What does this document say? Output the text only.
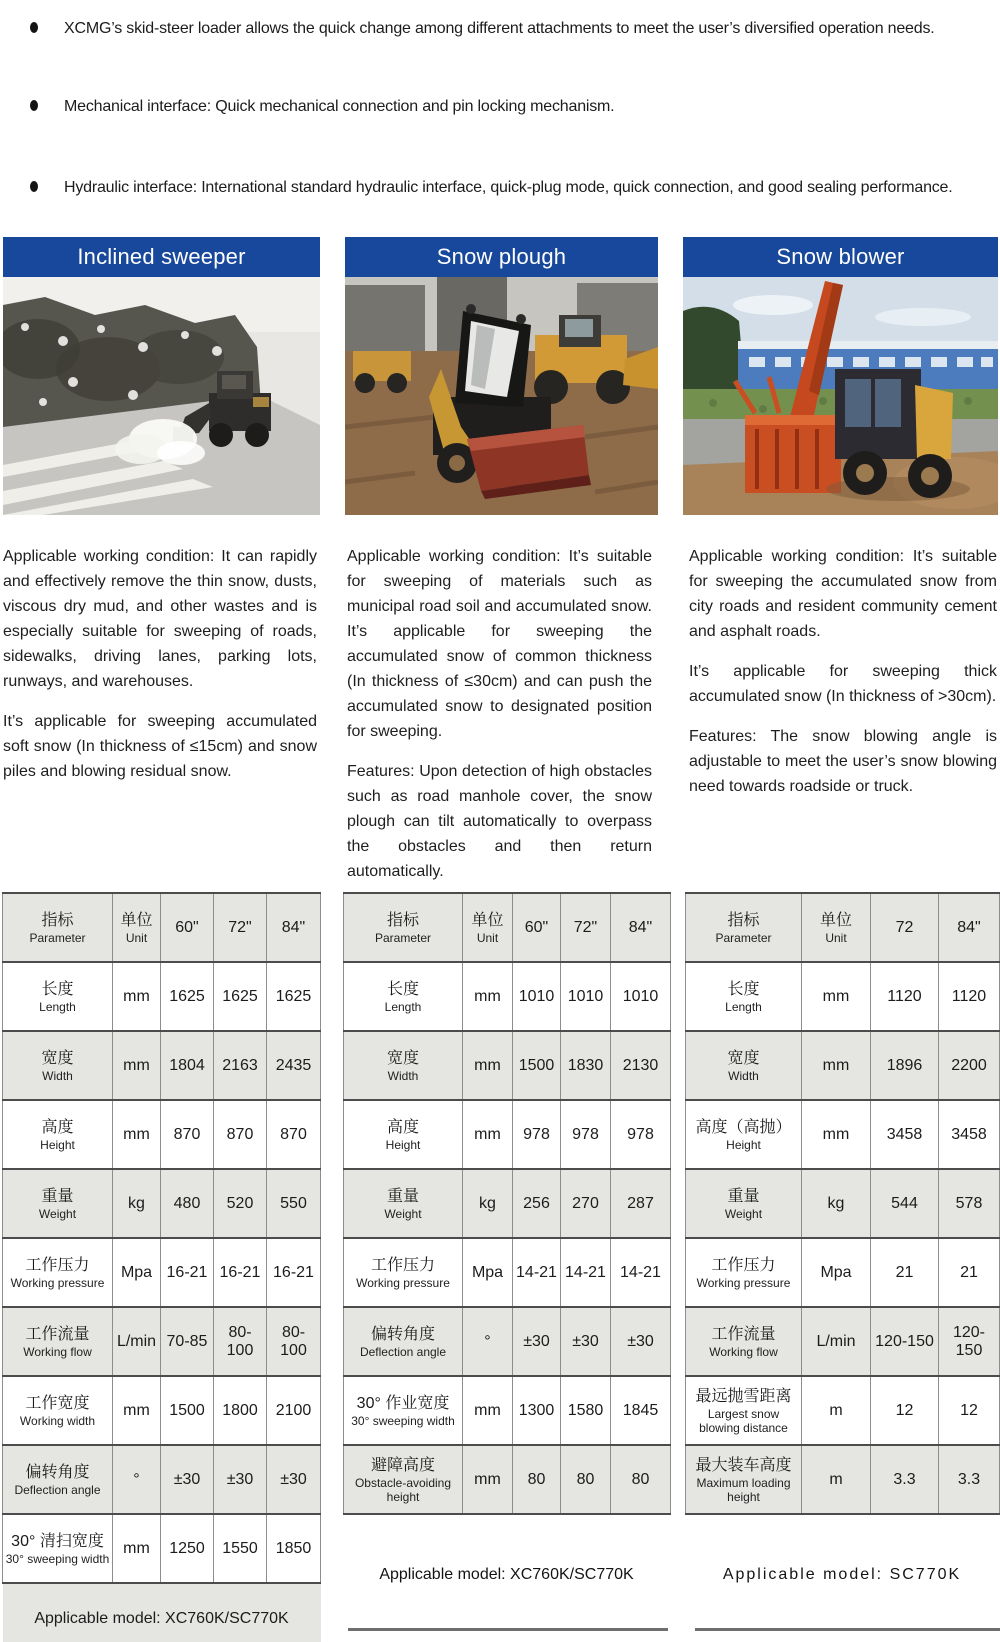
XCMG’s skid-steer loader allows the quick change among different attachments to meet the user’s diversified operation needs.
Mechanical interface: Quick mechanical connection and pin locking mechanism.
Hydraulic interface: International standard hydraulic interface, quick-plug mode, quick connection, and good sealing performance.
Inclined sweeper	Snow plough	Snow blower

Applicable working condition: It can rapidly and effectively remove the thin snow, dusts, viscous dry mud, and other wastes and is especially suitable for sweeping of roads, sidewalks, driving lanes, parking lots, runways, and warehouses.

It’s applicable for sweeping accumulated soft snow (In thickness of ≤15cm) and snow piles and blowing residual snow.

Applicable working condition: It’s suitable for sweeping of materials such as municipal road soil and accumulated snow. It’s applicable for sweeping the accumulated snow of common thickness (In thickness of ≤30cm) and can push the accumulated snow to designated position for sweeping.

Features: Upon detection of high obstacles such as road manhole cover, the snow plough can tilt automatically to overpass the obstacles and then return automatically.

Applicable working condition: It’s suitable for sweeping the accumulated snow from city roads and resident community cement and asphalt roads.

It’s applicable for sweeping thick accumulated snow (In thickness of >30cm).

Features: The snow blowing angle is adjustable to meet the user’s snow blowing need towards roadside or truck.

指标
Parameter

单位
Unit
	60"	72"	84"

长度
Length	mm	1625	1625	1625

宽度
Width	mm	1804	2163	2435

高度
Height	mm	870	870	870

重量
Weight	kg	480	520	550

工作压力
Working pressure	Mpa	16-21	16-21	16-21

工作流量
Working flow	L/min	70-85	80-100	80-100

工作宽度
Working width	mm	1500	1800	2100

偏转角度
Deflection angle	°	±30	±30	±30

30° 清扫宽度
30° sweeping width	mm	1250	1550	1850
Applicable model: XC760K/SC770K				
指标
Parameter

单位
Unit
	60"	72"	84"

长度
Length	mm	1010	1010	1010

宽度
Width	mm	1500	1830	2130

高度
Height	mm	978	978	978

重量
Weight	kg	256	270	287

工作压力
Working pressure	Mpa	14-21	14-21	14-21

偏转角度
Deflection angle	°	±30	±30	±30

30° 作业宽度
30° sweeping width	mm	1300	1580	1845

避障高度
Obstacle-avoiding height	mm	80	80	80
指标
Parameter

单位
Unit
	72	84"

长度
Length	mm	1120	1120

宽度
Width	mm	1896	2200

高度（高抛）
Height	mm	3458	3458

重量
Weight	kg	544	578

工作压力
Working pressure	Mpa	21	21

工作流量
Working flow	L/min	120-150	120-150

最远抛雪距离
Largest snow blowing distance	m	12	12

最大装车高度
Maximum loading height	m	3.3	3.3
Applicable model: XC760K/SC770K	Applicable model: SC770K
